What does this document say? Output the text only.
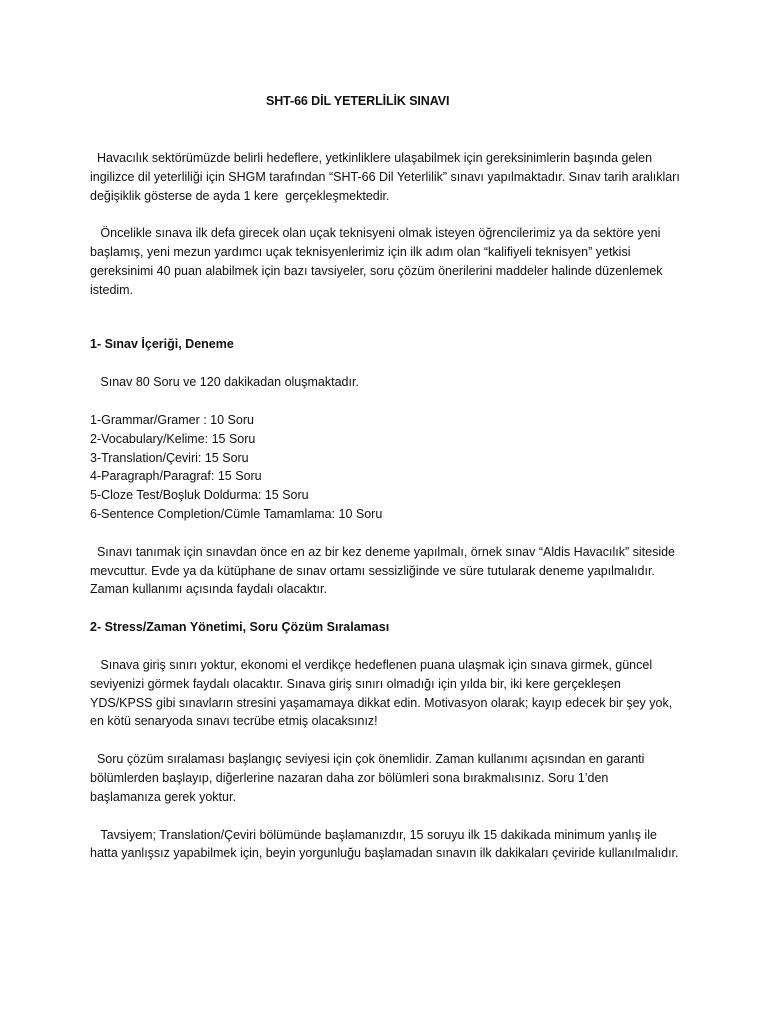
SHT-66 DİL YETERLİLİK SINAVI

Havacılık sektörümüzde belirli hedeflere, yetkinliklere ulaşabilmek için gereksinimlerin başında gelen ingilizce dil yeterliliği için SHGM tarafından “SHT-66 Dil Yeterlilik” sınavı yapılmaktadır. Sınav tarih aralıkları değişiklik gösterse de ayda 1 kere  gerçekleşmektedir.

Öncelikle sınava ilk defa girecek olan uçak teknisyeni olmak isteyen öğrencilerimiz ya da sektöre yeni başlamış, yeni mezun yardımcı uçak teknisyenlerimiz için ilk adım olan “kalifiyeli teknisyen” yetkisi gereksinimi 40 puan alabilmek için bazı tavsiyeler, soru çözüm önerilerini maddeler halinde düzenlemek istedim.

1- Sınav İçeriği, Deneme

Sınav 80 Soru ve 120 dakikadan oluşmaktadır.

1-Grammar/Gramer : 10 Soru
2-Vocabulary/Kelime: 15 Soru
3-Translation/Çeviri: 15 Soru
4-Paragraph/Paragraf: 15 Soru
5-Cloze Test/Boşluk Doldurma: 15 Soru
6-Sentence Completion/Cümle Tamamlama: 10 Soru

Sınavı tanımak için sınavdan önce en az bir kez deneme yapılmalı, örnek sınav “Aldis Havacılık” siteside mevcuttur. Evde ya da kütüphane de sınav ortamı sessizliğinde ve süre tutularak deneme yapılmalıdır. Zaman kullanımı açısında faydalı olacaktır.

2- Stress/Zaman Yönetimi, Soru Çözüm Sıralaması

Sınava giriş sınırı yoktur, ekonomi el verdikçe hedeflenen puana ulaşmak için sınava girmek, güncel seviyenizi görmek faydalı olacaktır. Sınava giriş sınırı olmadığı için yılda bir, iki kere gerçekleşen YDS/KPSS gibi sınavların stresini yaşamamaya dikkat edin. Motivasyon olarak; kayıp edecek bir şey yok, en kötü senaryoda sınavı tecrübe etmiş olacaksınız!

Soru çözüm sıralaması başlangıç seviyesi için çok önemlidir. Zaman kullanımı açısından en garanti bölümlerden başlayıp, diğerlerine nazaran daha zor bölümleri sona bırakmalısınız. Soru 1’den başlamanıza gerek yoktur.

Tavsiyem; Translation/Çeviri bölümünde başlamanızdır, 15 soruyu ilk 15 dakikada minimum yanlış ile hatta yanlışsız yapabilmek için, beyin yorgunluğu başlamadan sınavın ilk dakikaları çeviride kullanılmalıdır.
